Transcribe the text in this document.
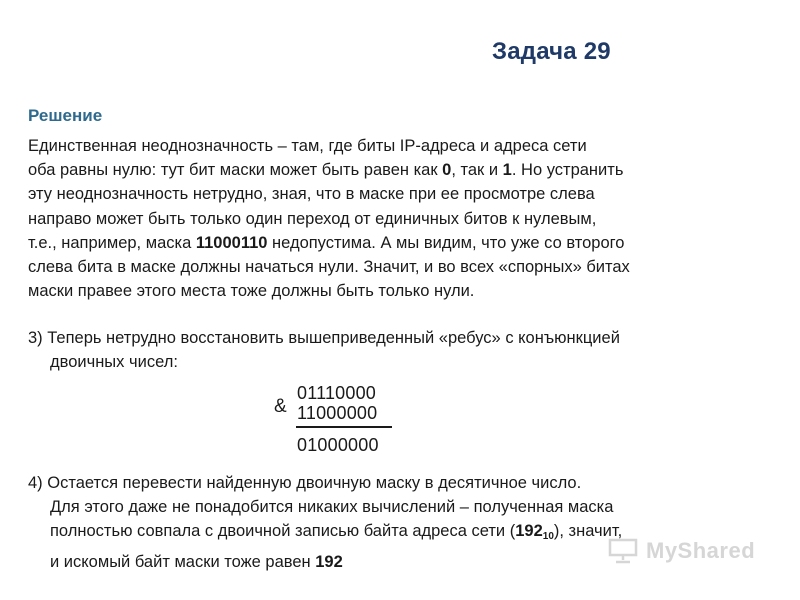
Задача 29
Решение
Единственная неоднозначность – там, где биты IP-адреса и адреса сети
оба равны нулю: тут бит маски может быть равен как 0, так и 1. Но устранить
эту неоднозначность нетрудно, зная, что в маске при ее просмотре слева
направо может быть только один переход от единичных битов к нулевым,
т.е., например, маска 11000110 недопустима. А мы видим, что уже со второго
слева бита в маске должны начаться нули. Значит, и во всех «спорных» битах
маски правее этого места тоже должны быть только нули.
3) Теперь нетрудно восстановить вышеприведенный «ребус» с конъюнкцией
двоичных чисел:
&
01110000
11000000
01000000
4) Остается перевести найденную двоичную маску в десятичное число.
Для этого даже не понадобится никаких вычислений – полученная маска
полностью совпала с двоичной записью байта адреса сети $(192_{10})$, значит,
и искомый байт маски тоже равен 192	MyShared
